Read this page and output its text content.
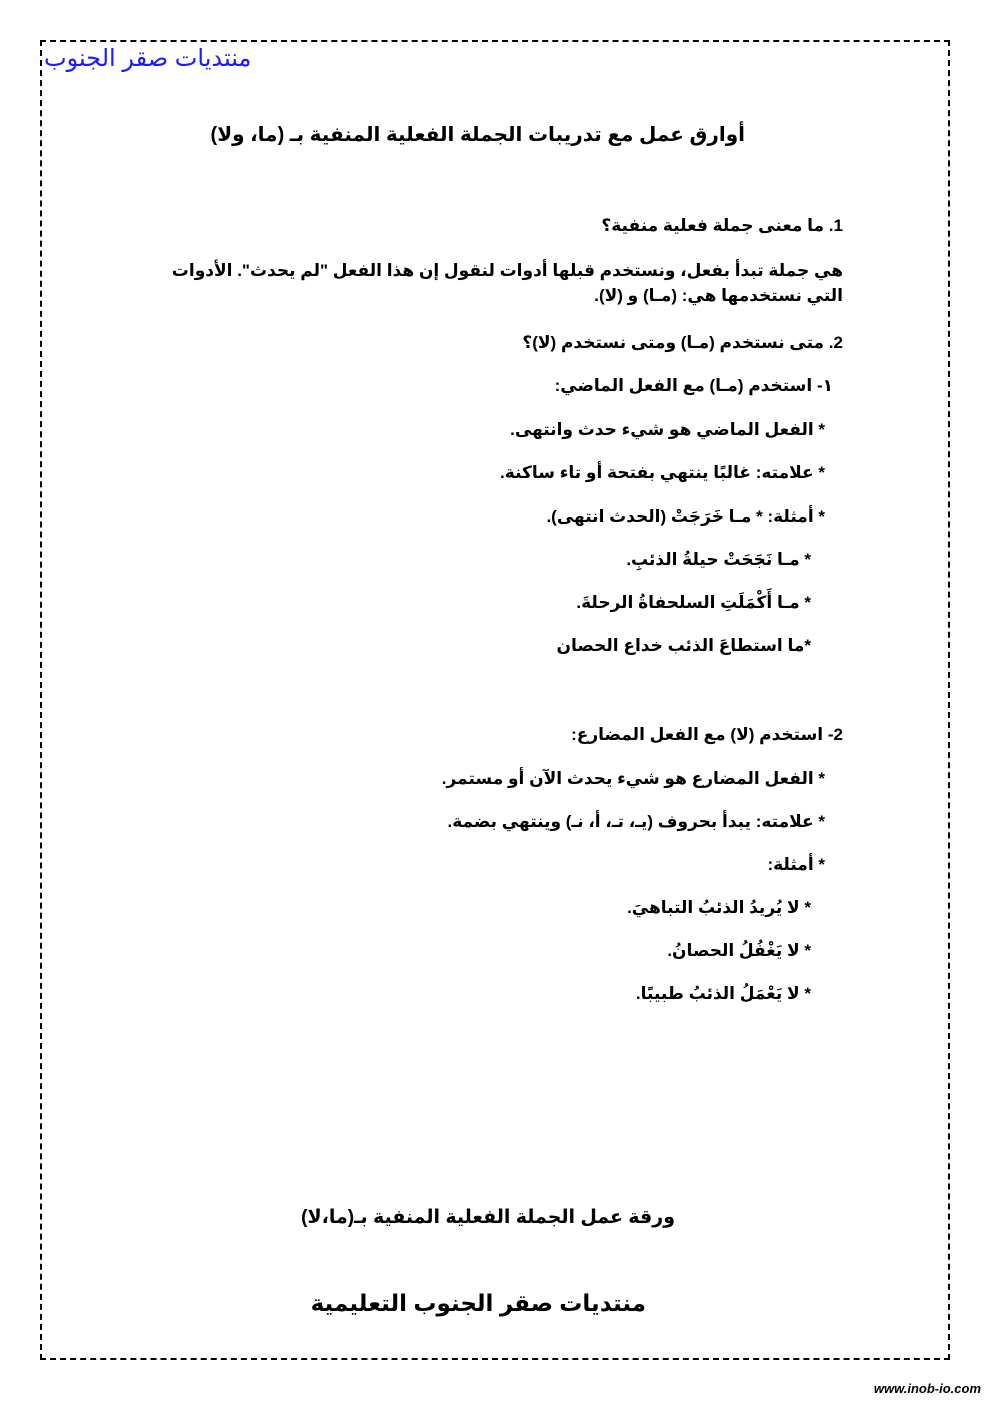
منتديات صقر الجنوب
أوارق عمل مع تدريبات الجملة الفعلية المنفية بـ (ما، ولا)
1. ما معنى جملة فعلية منفية؟
هي جملة تبدأ بفعل، ونستخدم قبلها أدوات لنقول إن هذا الفعل "لم يحدث". الأدوات التي نستخدمها هي: (مـا) و (لا).
2. متى نستخدم (مـا) ومتى نستخدم (لا)؟
١- استخدم (مـا) مع الفعل الماضي:
* الفعل الماضي هو شيء حدث وانتهى.
* علامته: غالبًا ينتهي بفتحة أو تاء ساكنة.
* أمثلة: * مـا خَرَجَتْ (الحدث انتهى).
* مـا نَجَحَتْ حيلةُ الذئبِ.
* مـا أَكْمَلَتِ السلحفاةُ الرحلةَ.
*ما استطاعَ الذئب خداع الحصان
2- استخدم (لا) مع الفعل المضارع:
* الفعل المضارع هو شيء يحدث الآن أو مستمر.
* علامته: يبدأ بحروف (يـ، تـ، أ، نـ) وينتهي بضمة.
* أمثلة:
* لا يُريدُ الذئبُ التباهيَ.
* لا يَغْفُلُ الحصانُ.
* لا يَعْمَلُ الذئبُ طبيبًا.
ورقة عمل الجملة الفعلية المنفية بـ(ما،لا)
منتديات صقر الجنوب التعليمية
www.inob-io.com
